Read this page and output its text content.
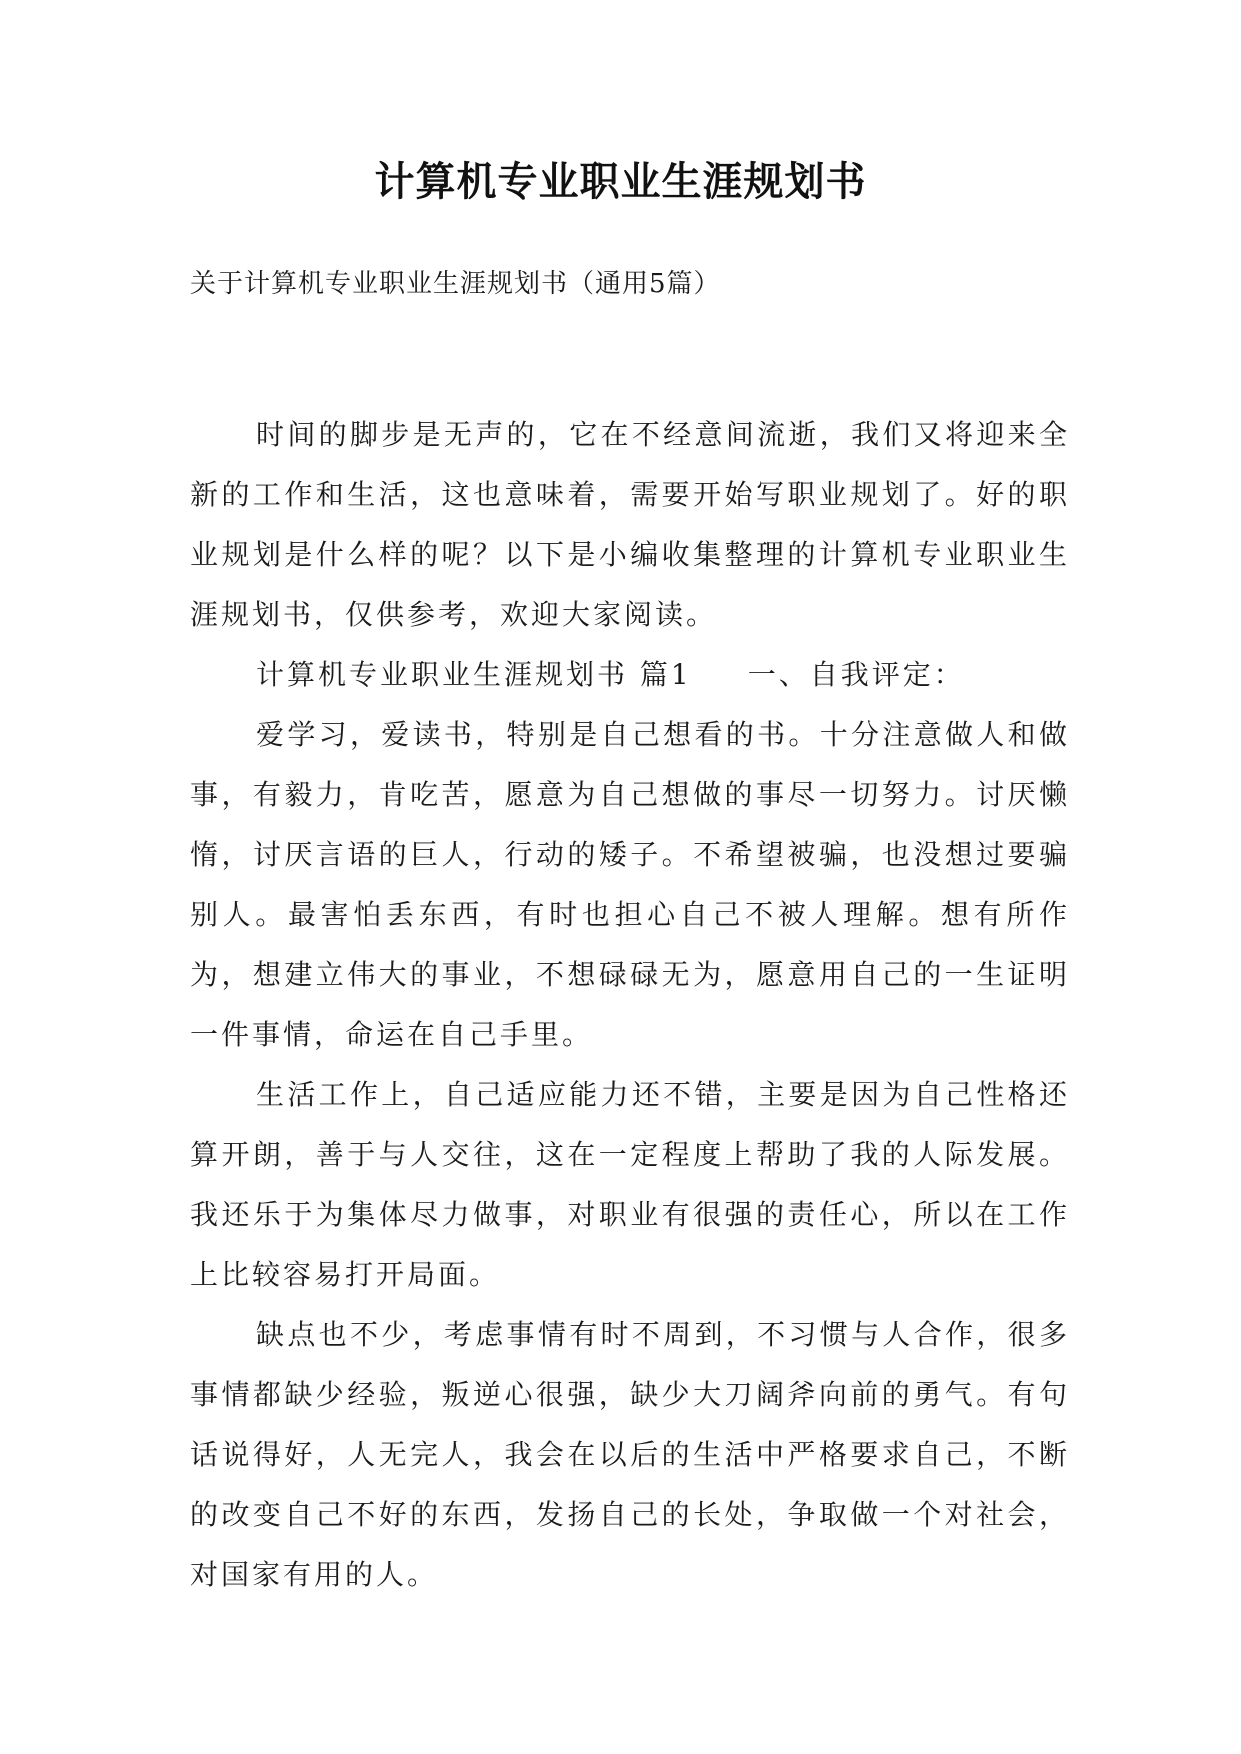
计算机专业职业生涯规划书

关于计算机专业职业生涯规划书（通用5篇）

时间的脚步是无声的，它在不经意间流逝，我们又将迎来全新的工作和生活，这也意味着，需要开始写职业规划了。好的职业规划是什么样的呢？以下是小编收集整理的计算机专业职业生涯规划书，仅供参考，欢迎大家阅读。

计算机专业职业生涯规划书 篇1 一、自我评定：

爱学习，爱读书，特别是自己想看的书。十分注意做人和做事，有毅力，肯吃苦，愿意为自己想做的事尽一切努力。讨厌懒惰，讨厌言语的巨人，行动的矮子。不希望被骗，也没想过要骗别人。最害怕丢东西，有时也担心自己不被人理解。想有所作为，想建立伟大的事业，不想碌碌无为，愿意用自己的一生证明一件事情，命运在自己手里。

生活工作上，自己适应能力还不错，主要是因为自己性格还算开朗，善于与人交往，这在一定程度上帮助了我的人际发展。我还乐于为集体尽力做事，对职业有很强的责任心，所以在工作上比较容易打开局面。

缺点也不少，考虑事情有时不周到，不习惯与人合作，很多事情都缺少经验，叛逆心很强，缺少大刀阔斧向前的勇气。有句话说得好，人无完人，我会在以后的生活中严格要求自己，不断的改变自己不好的东西，发扬自己的长处，争取做一个对社会，对国家有用的人。
